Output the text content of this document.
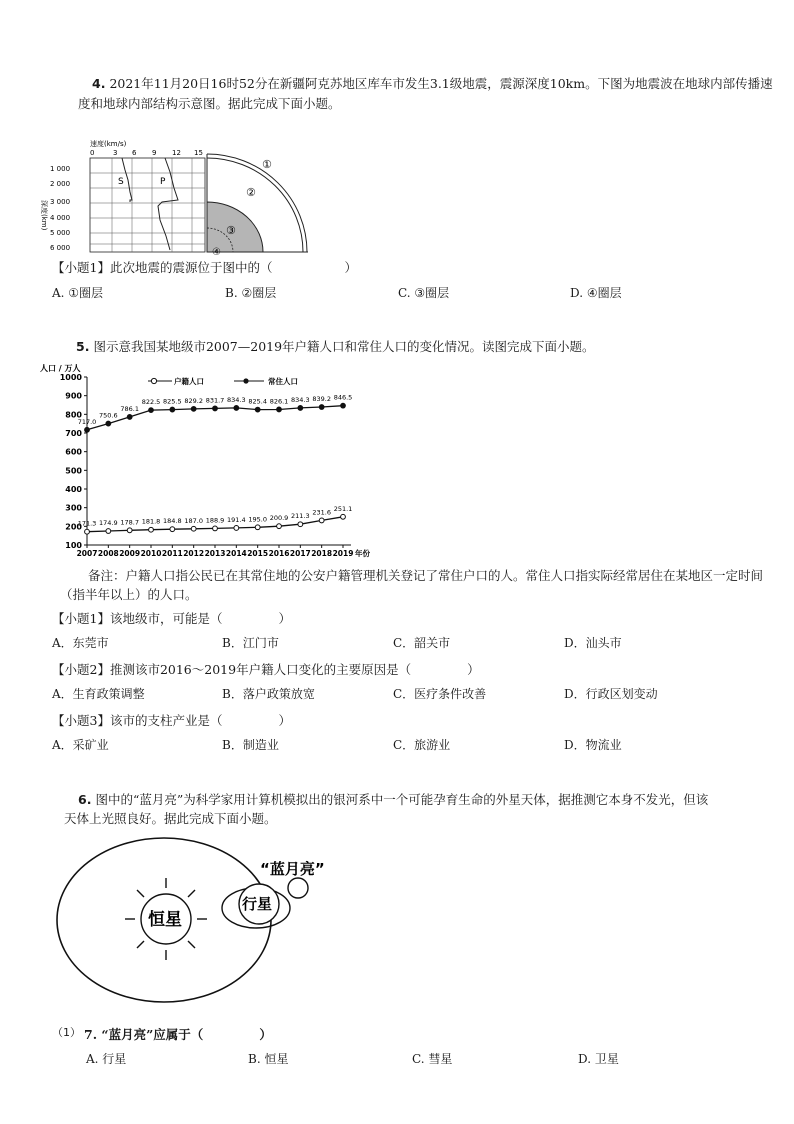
4. 2021年11月20日16时52分在新疆阿克苏地区库车市发生3.1级地震，震源深度10km。下图为地震波在地球内部传播速
度和地球内部结构示意图。据此完成下面小题。
速度(km/s)
0	3 6 9 12 15
1 000
2 000
3 000
4 000
5 000
6 000
深度(km)
S	P
①
②
③
④
【小题1】此次地震的震源位于图中的（	）
A. ①圈层	B. ②圈层	C. ③圈层	D. ④圈层
5. 图示意我国某地级市2007—2019年户籍人口和常住人口的变化情况。读图完成下面小题。
人口 / 万人
100
200
300
400
500
600
700
800
900
1000
2007 2008 2009 2010 2011 2012 2013 2014 2015 2016 2017 2018 2019 年份
171.3 174.9 178.7 181.8 184.8 187.0 188.9 191.4 195.0 200.9 211.3 231.6 251.1
717.0
750.6
786.1
822.5 825.5 829.2 831.7 834.3 825.4 826.1 834.3 839.2 846.5
户籍人口	常住人口
备注：户籍人口指公民已在其常住地的公安户籍管理机关登记了常住户口的人。常住人口指实际经常居住在某地区一定时间
（指半年以上）的人口。
【小题1】该地级市，可能是（	）
A．东莞市	B．江门市	C．韶关市	D．汕头市
【小题2】推测该市2016～2019年户籍人口变化的主要原因是（	）
A．生育政策调整	B．落户政策放宽	C．医疗条件改善	D．行政区划变动
【小题3】该市的支柱产业是（	）
A．采矿业	B．制造业	C．旅游业	D．物流业
6. 图中的“蓝月亮”为科学家用计算机模拟出的银河系中一个可能孕育生命的外星天体，据推测它本身不发光，但该
天体上光照良好。据此完成下面小题。
恒星
行星
“蓝月亮”
（1） 7. “蓝月亮”应属于（	）
A. 行星	B. 恒星	C. 彗星	D. 卫星
